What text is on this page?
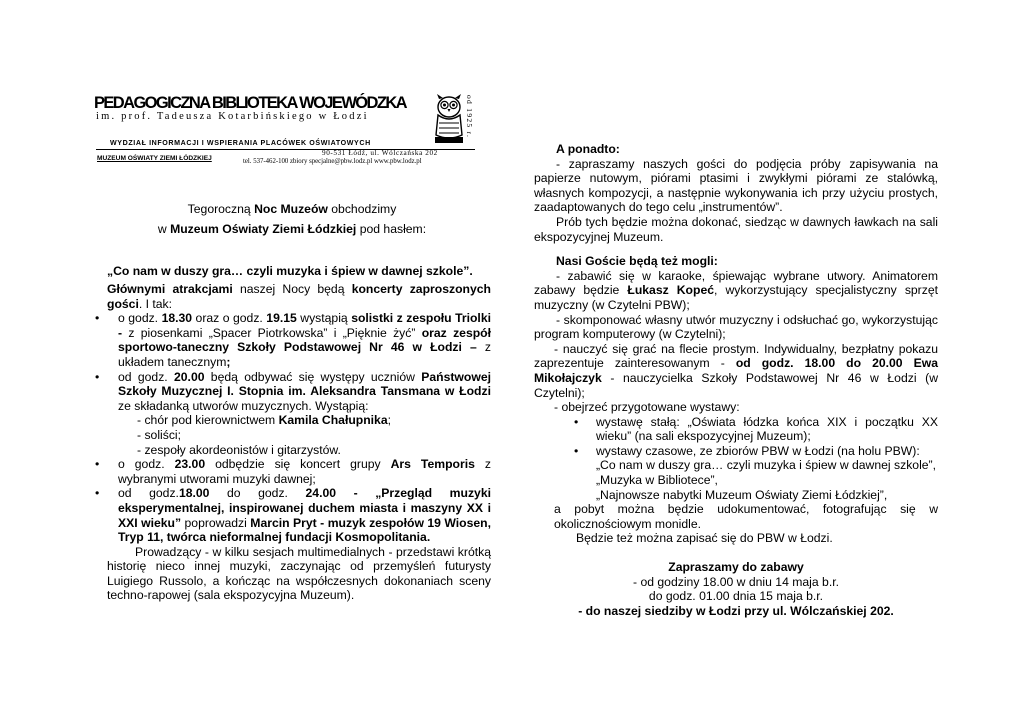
PEDAGOGICZNA BIBLIOTEKA WOJEWÓDZKA
im. prof. Tadeusza Kotarbińskiego w Łodzi	od 1925 r.
WYDZIAŁ INFORMACJI I WSPIERANIA PLACÓWEK OŚWIATOWYCH
90-531 Łódź, ul. Wólczańska 202
MUZEUM OŚWIATY ZIEMI ŁÓDZKIEJ	tel. 537-462-100 zbiory specjalne@pbw.lodz.pl www.pbw.lodz.pl
Tegoroczną Noc Muzeów obchodzimy
w Muzeum Oświaty Ziemi Łódzkiej pod hasłem:
„Co nam w duszy gra… czyli muzyka i śpiew w dawnej szkole”.

Głównymi atrakcjami naszej Nocy będą koncerty zaproszonych gości. I tak:

• o godz. 18.30 oraz o godz. 19.15 wystąpią solistki z zespołu Triolki - z piosenkami „Spacer Piotrkowska” i „Pięknie żyć” oraz zespół sportowo-taneczny Szkoły Podstawowej Nr 46 w Łodzi – z układem tanecznym;
• od godz. 20.00 będą odbywać się występy uczniów Państwowej Szkoły Muzycznej I. Stopnia im. Aleksandra Tansmana w Łodzi ze składanką utworów muzycznych. Wystąpią:
- chór pod kierownictwem Kamila Chałupnika;
- soliści;
- zespoły akordeonistów i gitarzystów.
• o godz. 23.00 odbędzie się koncert grupy Ars Temporis z wybranymi utworami muzyki dawnej;
• od godz.18.00 do godz. 24.00 - „Przegląd muzyki eksperymentalnej, inspirowanej duchem miasta i maszyny XX i XXI wieku” poprowadzi Marcin Pryt - muzyk zespołów 19 Wiosen, Tryp 11, twórca nieformalnej fundacji Kosmopolitania.

Prowadzący - w kilku sesjach multimedialnych - przedstawi krótką historię nieco innej muzyki, zaczynając od przemyśleń futurysty Luigiego Russolo, a kończąc na współczesnych dokonaniach sceny techno-rapowej (sala ekspozycyjna Muzeum).

A ponadto:

- zapraszamy naszych gości do podjęcia próby zapisywania na papierze nutowym, piórami ptasimi i zwykłymi piórami ze stalówką, własnych kompozycji, a następnie wykonywania ich przy użyciu prostych, zaadaptowanych do tego celu „instrumentów”.

Prób tych będzie można dokonać, siedząc w dawnych ławkach na sali ekspozycyjnej Muzeum.

Nasi Goście będą też mogli:

- zabawić się w karaoke, śpiewając wybrane utwory. Animatorem zabawy będzie Łukasz Kopeć, wykorzystujący specjalistyczny sprzęt muzyczny (w Czytelni PBW);

- skomponować własny utwór muzyczny i odsłuchać go, wykorzystując program komputerowy (w Czytelni);

- nauczyć się grać na flecie prostym. Indywidualny, bezpłatny pokazu zaprezentuje zainteresowanym - od godz. 18.00 do 20.00 Ewa Mikołajczyk - nauczycielka Szkoły Podstawowej Nr 46 w Łodzi (w Czytelni);

- obejrzeć przygotowane wystawy:

• wystawę stałą: „Oświata łódzka końca XIX i początku XX wieku” (na sali ekspozycyjnej Muzeum);
• wystawy czasowe, ze zbiorów PBW w Łodzi (na holu PBW):
„Co nam w duszy gra… czyli muzyka i śpiew w dawnej szkole”,
„Muzyka w Bibliotece”,
„Najnowsze nabytki Muzeum Oświaty Ziemi Łódzkiej”,

a pobyt można będzie udokumentować, fotografując się w okolicznościowym monidle.

Będzie też można zapisać się do PBW w Łodzi.

Zapraszamy do zabawy

- od godziny 18.00 w dniu 14 maja b.r.

do godz. 01.00 dnia 15 maja b.r.

- do naszej siedziby w Łodzi przy ul. Wólczańskiej 202.
